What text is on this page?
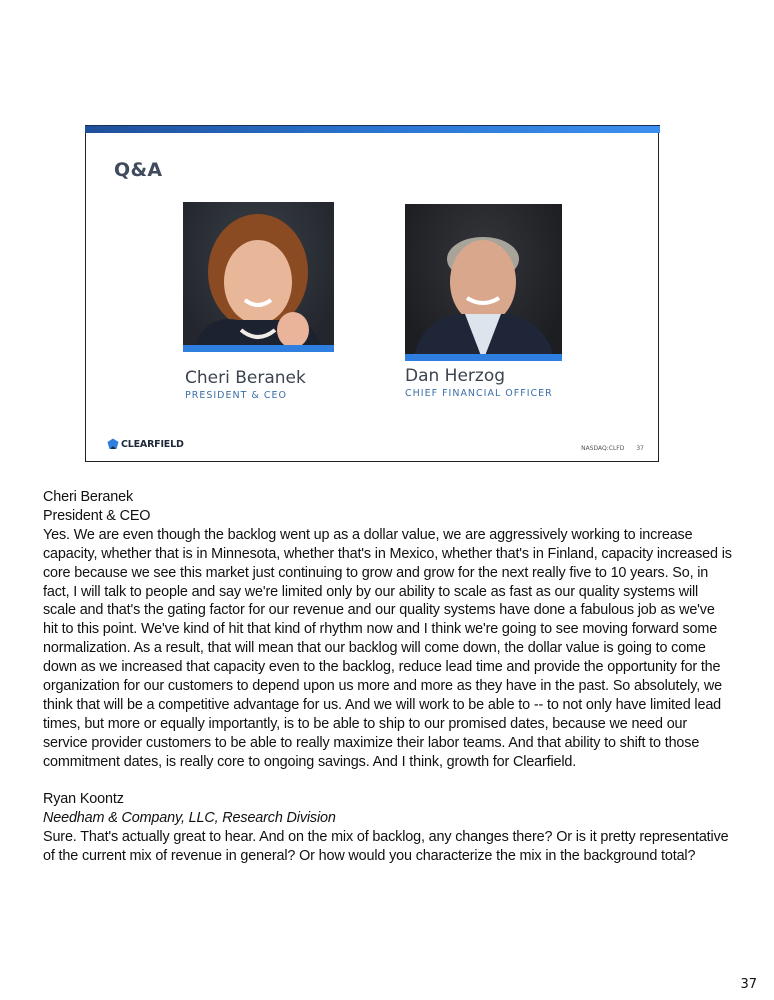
Q&A
Cheri Beranek
PRESIDENT & CEO
Dan Herzog
CHIEF FINANCIAL OFFICER
CLEARFIELD	NASDAQ:CLFD 37

Cheri Beranek

President & CEO

Yes. We are even though the backlog went up as a dollar value, we are aggressively working to increase capacity, whether that is in Minnesota, whether that's in Mexico, whether that's in Finland, capacity increased is core because we see this market just continuing to grow and grow for the next really five to 10 years. So, in fact, I will talk to people and say we're limited only by our ability to scale as fast as our quality systems will scale and that's the gating factor for our revenue and our quality systems have done a fabulous job as we've hit to this point. We've kind of hit that kind of rhythm now and I think we're going to see moving forward some normalization. As a result, that will mean that our backlog will come down, the dollar value is going to come down as we increased that capacity even to the backlog, reduce lead time and provide the opportunity for the organization for our customers to depend upon us more and more as they have in the past. So absolutely, we think that will be a competitive advantage for us. And we will work to be able to -- to not only have limited lead times, but more or equally importantly, is to be able to ship to our promised dates, because we need our service provider customers to be able to really maximize their labor teams. And that ability to shift to those commitment dates, is really core to ongoing savings. And I think, growth for Clearfield.

Ryan Koontz

Needham & Company, LLC, Research Division

Sure. That's actually great to hear. And on the mix of backlog, any changes there? Or is it pretty representative of the current mix of revenue in general? Or how would you characterize the mix in the background total?

37
